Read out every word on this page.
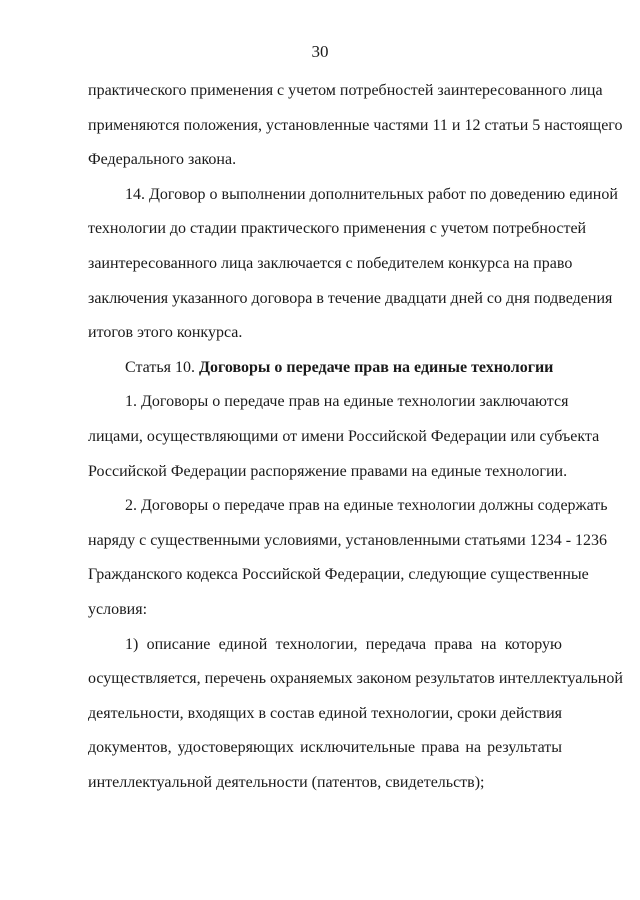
30
практического применения с учетом потребностей заинтересованного лица
применяются положения, установленные частями 11 и 12 статьи 5 настоящего
Федерального закона.
14. Договор о выполнении дополнительных работ по доведению единой
технологии до стадии практического применения с учетом потребностей
заинтересованного лица заключается с победителем конкурса на право
заключения указанного договора в течение двадцати дней со дня подведения
итогов этого конкурса.
Статья 10. Договоры о передаче прав на единые технологии
1. Договоры о передаче прав на единые технологии заключаются
лицами, осуществляющими от имени Российской Федерации или субъекта
Российской Федерации распоряжение правами на единые технологии.
2. Договоры о передаче прав на единые технологии должны содержать
наряду с существенными условиями, установленными статьями 1234 - 1236
Гражданского кодекса Российской Федерации, следующие существенные
условия:
1) описание единой технологии, передача права на которую
осуществляется, перечень охраняемых законом результатов интеллектуальной
деятельности, входящих в состав единой технологии, сроки действия
документов, удостоверяющих исключительные права на результаты
интеллектуальной деятельности (патентов, свидетельств);
